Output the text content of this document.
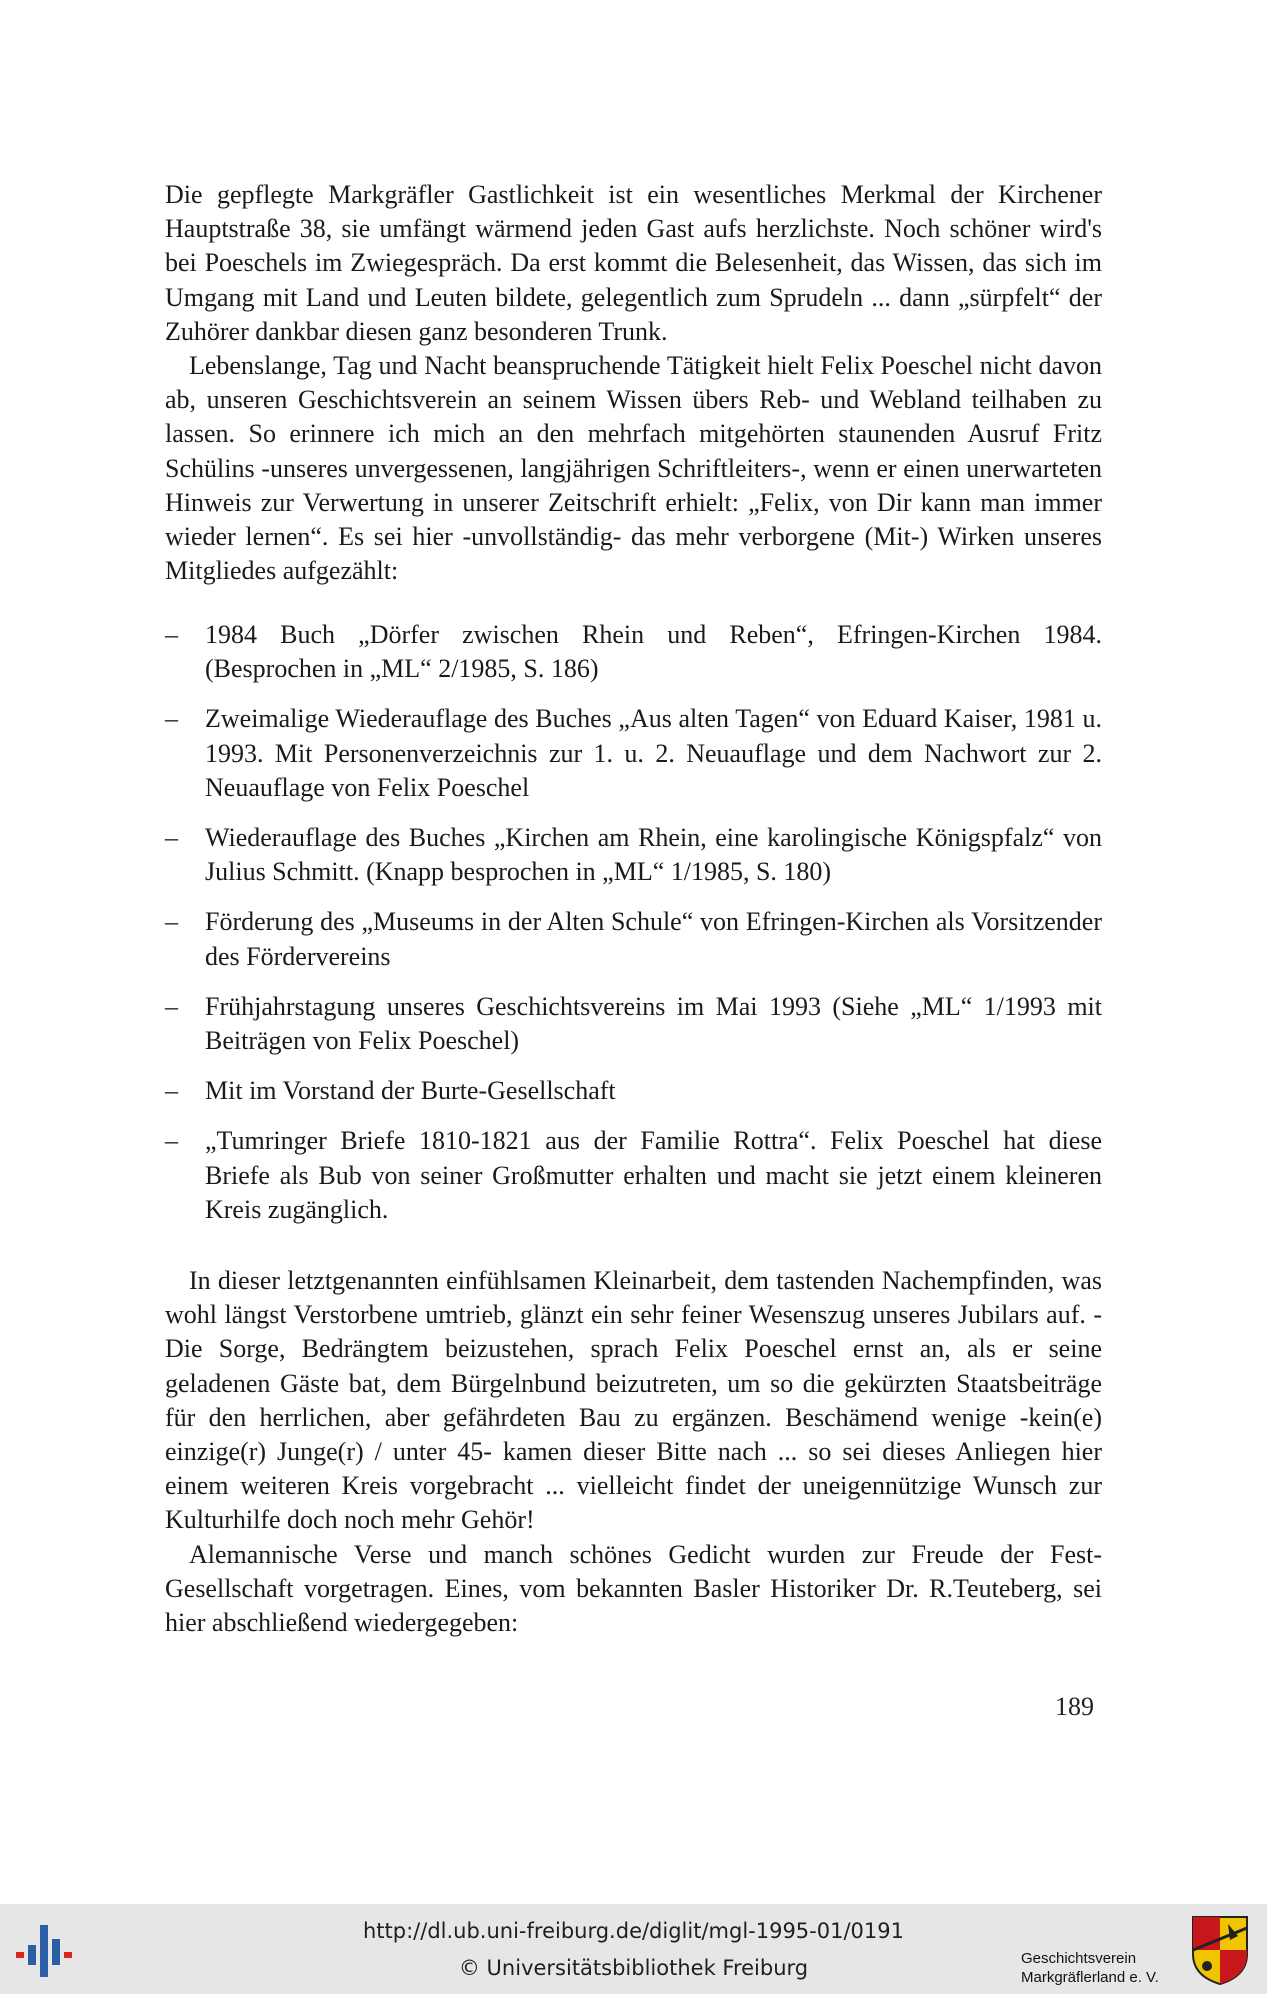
Die gepflegte Markgräfler Gastlichkeit ist ein wesentliches Merkmal der Kirchener Hauptstraße 38, sie umfängt wärmend jeden Gast aufs herzlichste. Noch schöner wird's bei Poeschels im Zwiegespräch. Da erst kommt die Belesenheit, das Wissen, das sich im Umgang mit Land und Leuten bildete, gelegentlich zum Sprudeln ... dann „sürpfelt“ der Zuhörer dankbar diesen ganz besonderen Trunk.

Lebenslange, Tag und Nacht beanspruchende Tätigkeit hielt Felix Poeschel nicht davon ab, unseren Geschichtsverein an seinem Wissen übers Reb- und Webland teilhaben zu lassen. So erinnere ich mich an den mehrfach mitgehörten staunenden Ausruf Fritz Schülins -unseres unvergessenen, langjährigen Schriftleiters-, wenn er einen unerwarteten Hinweis zur Verwertung in unserer Zeitschrift erhielt: „Felix, von Dir kann man immer wieder lernen“. Es sei hier -unvollständig- das mehr verborgene (Mit-) Wirken unseres Mitgliedes aufgezählt:

– 1984 Buch „Dörfer zwischen Rhein und Reben“, Efringen-Kirchen 1984. (Besprochen in „ML“ 2/1985, S. 186)
– Zweimalige Wiederauflage des Buches „Aus alten Tagen“ von Eduard Kaiser, 1981 u. 1993. Mit Personenverzeichnis zur 1. u. 2. Neuauflage und dem Nachwort zur 2. Neuauflage von Felix Poeschel
– Wiederauflage des Buches „Kirchen am Rhein, eine karolingische Königspfalz“ von Julius Schmitt. (Knapp besprochen in „ML“ 1/1985, S. 180)
– Förderung des „Museums in der Alten Schule“ von Efringen-Kirchen als Vorsitzender des Fördervereins
– Frühjahrstagung unseres Geschichtsvereins im Mai 1993 (Siehe „ML“ 1/1993 mit Beiträgen von Felix Poeschel)
– Mit im Vorstand der Burte-Gesellschaft
– „Tumringer Briefe 1810-1821 aus der Familie Rottra“. Felix Poeschel hat diese Briefe als Bub von seiner Großmutter erhalten und macht sie jetzt einem kleineren Kreis zugänglich.

In dieser letztgenannten einfühlsamen Kleinarbeit, dem tastenden Nachempfinden, was wohl längst Verstorbene umtrieb, glänzt ein sehr feiner Wesenszug unseres Jubilars auf. - Die Sorge, Bedrängtem beizustehen, sprach Felix Poeschel ernst an, als er seine geladenen Gäste bat, dem Bürgelnbund beizutreten, um so die gekürzten Staatsbeiträge für den herrlichen, aber gefährdeten Bau zu ergänzen. Beschämend wenige -kein(e) einzige(r) Junge(r) / unter 45- kamen dieser Bitte nach ... so sei dieses Anliegen hier einem weiteren Kreis vorgebracht ... vielleicht findet der uneigennützige Wunsch zur Kulturhilfe doch noch mehr Gehör!

Alemannische Verse und manch schönes Gedicht wurden zur Freude der Fest-Gesellschaft vorgetragen. Eines, vom bekannten Basler Historiker Dr. R.Teuteberg, sei hier abschließend wiedergegeben:

189
http://dl.ub.uni-freiburg.de/diglit/mgl-1995-01/0191
© Universitätsbibliothek Freiburg	Geschichtsverein
Markgräflerland e. V.
